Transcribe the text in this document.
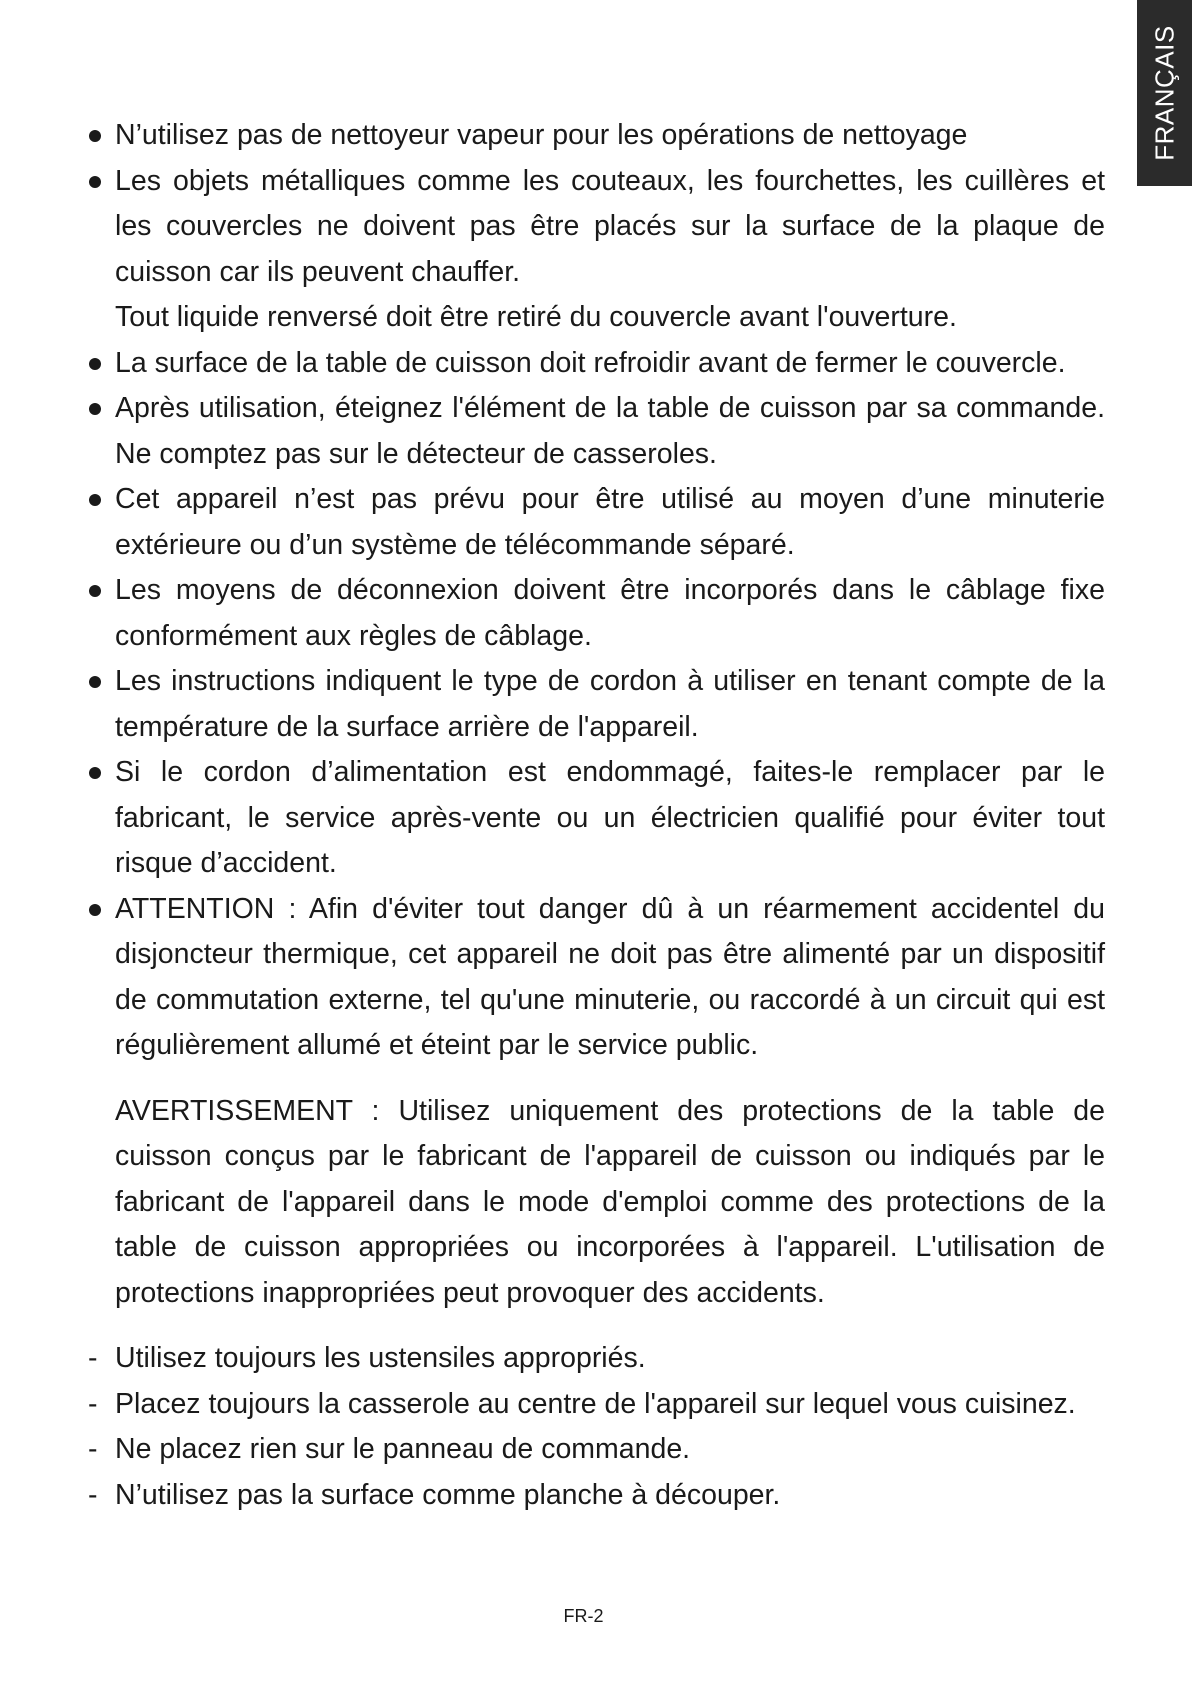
FRANÇAIS
N’utilisez pas de nettoyeur vapeur pour les opérations de nettoyage
Les objets métalliques comme les couteaux, les fourchettes, les cuillères et les couvercles ne doivent pas être placés sur la surface de la plaque de cuisson car ils peuvent chauffer.
Tout liquide renversé doit être retiré du couvercle avant l'ouverture.
La surface de la table de cuisson doit refroidir avant de fermer le couvercle.
Après utilisation, éteignez l'élément de la table de cuisson par sa commande. Ne comptez pas sur le détecteur de casseroles.
Cet appareil n’est pas prévu pour être utilisé au moyen d’une minuterie extérieure ou d’un système de télécommande séparé.
Les moyens de déconnexion doivent être incorporés dans le câblage fixe conformément aux règles de câblage.
Les instructions indiquent le type de cordon à utiliser en tenant compte de la température de la surface arrière de l'appareil.
Si le cordon d’alimentation est endommagé, faites-le remplacer par le fabricant, le service après-vente ou un électricien qualifié pour éviter tout risque d’accident.
ATTENTION : Afin d'éviter tout danger dû à un réarmement accidentel du disjoncteur thermique, cet appareil ne doit pas être alimenté par un dispositif de commutation externe, tel qu'une minuterie, ou raccordé à un circuit qui est régulièrement allumé et éteint par le service public.
AVERTISSEMENT : Utilisez uniquement des protections de la table de cuisson conçus par le fabricant de l'appareil de cuisson ou indiqués par le fabricant de l'appareil dans le mode d'emploi comme des protections de la table de cuisson appropriées ou incorporées à l'appareil. L'utilisation de protections inappropriées peut provoquer des accidents.
Utilisez toujours les ustensiles appropriés.
Placez toujours la casserole au centre de l'appareil sur lequel vous cuisinez.
Ne placez rien sur le panneau de commande.
N’utilisez pas la surface comme planche à découper.
FR-2
